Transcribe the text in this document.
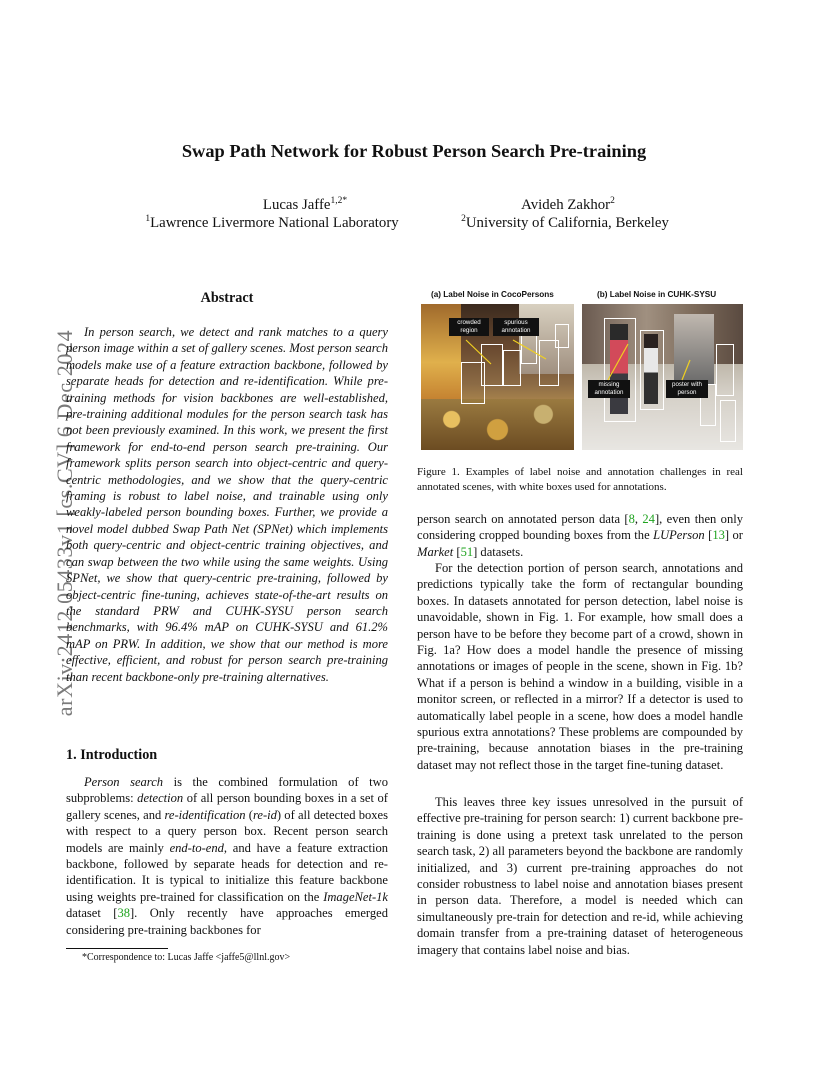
arXiv:2412.05433v1 [cs.CV] 6 Dec 2024
Swap Path Network for Robust Person Search Pre-training
Lucas Jaffe$^{1,2*}$
$^1$Lawrence Livermore National Laboratory
Avideh Zakhor$^2$
$^2$University of California, Berkeley
Abstract
In person search, we detect and rank matches to a query person image within a set of gallery scenes. Most person search models make use of a feature extraction backbone, followed by separate heads for detection and re-identification. While pre-training methods for vision backbones are well-established, pre-training additional modules for the person search task has not been previously examined. In this work, we present the first framework for end-to-end person search pre-training. Our framework splits person search into object-centric and query-centric methodologies, and we show that the query-centric framing is robust to label noise, and trainable using only weakly-labeled person bounding boxes. Further, we provide a novel model dubbed Swap Path Net (SPNet) which implements both query-centric and object-centric training objectives, and can swap between the two while using the same weights. Using SPNet, we show that query-centric pre-training, followed by object-centric fine-tuning, achieves state-of-the-art results on the standard PRW and CUHK-SYSU person search benchmarks, with 96.4% mAP on CUHK-SYSU and 61.2% mAP on PRW. In addition, we show that our method is more effective, efficient, and robust for person search pre-training than recent backbone-only pre-training alternatives.
1. Introduction
Person search is the combined formulation of two subproblems: detection of all person bounding boxes in a set of gallery scenes, and re-identification (re-id) of all detected boxes with respect to a query person box. Recent person search models are mainly end-to-end, and have a feature extraction backbone, followed by separate heads for detection and re-identification. It is typical to initialize this feature backbone using weights pre-trained for classification on the ImageNet-1k dataset [38]. Only recently have approaches emerged considering pre-training backbones for
*Correspondence to: Lucas Jaffe <jaffe5@llnl.gov>
(a) Label Noise in CocoPersons	(b) Label Noise in CUHK-SYSU
crowded region
spurious annotation
missing annotation
poster with person
Figure 1. Examples of label noise and annotation challenges in real annotated scenes, with white boxes used for annotations.
person search on annotated person data [8, 24], even then only considering cropped bounding boxes from the LUPerson [13] or Market [51] datasets.
For the detection portion of person search, annotations and predictions typically take the form of rectangular bounding boxes. In datasets annotated for person detection, label noise is unavoidable, shown in Fig. 1. For example, how small does a person have to be before they become part of a crowd, shown in Fig. 1a? How does a model handle the presence of missing annotations or images of people in the scene, shown in Fig. 1b? What if a person is behind a window in a building, visible in a monitor screen, or reflected in a mirror? If a detector is used to automatically label people in a scene, how does a model handle spurious extra annotations? These problems are compounded by pre-training, because annotation biases in the pre-training dataset may not reflect those in the target fine-tuning dataset.
This leaves three key issues unresolved in the pursuit of effective pre-training for person search: 1) current backbone pre-training is done using a pretext task unrelated to the person search task, 2) all parameters beyond the backbone are randomly initialized, and 3) current pre-training approaches do not consider robustness to label noise and annotation biases present in person data. Therefore, a model is needed which can simultaneously pre-train for detection and re-id, while achieving domain transfer from a pre-training dataset of heterogeneous imagery that contains label noise and bias.
